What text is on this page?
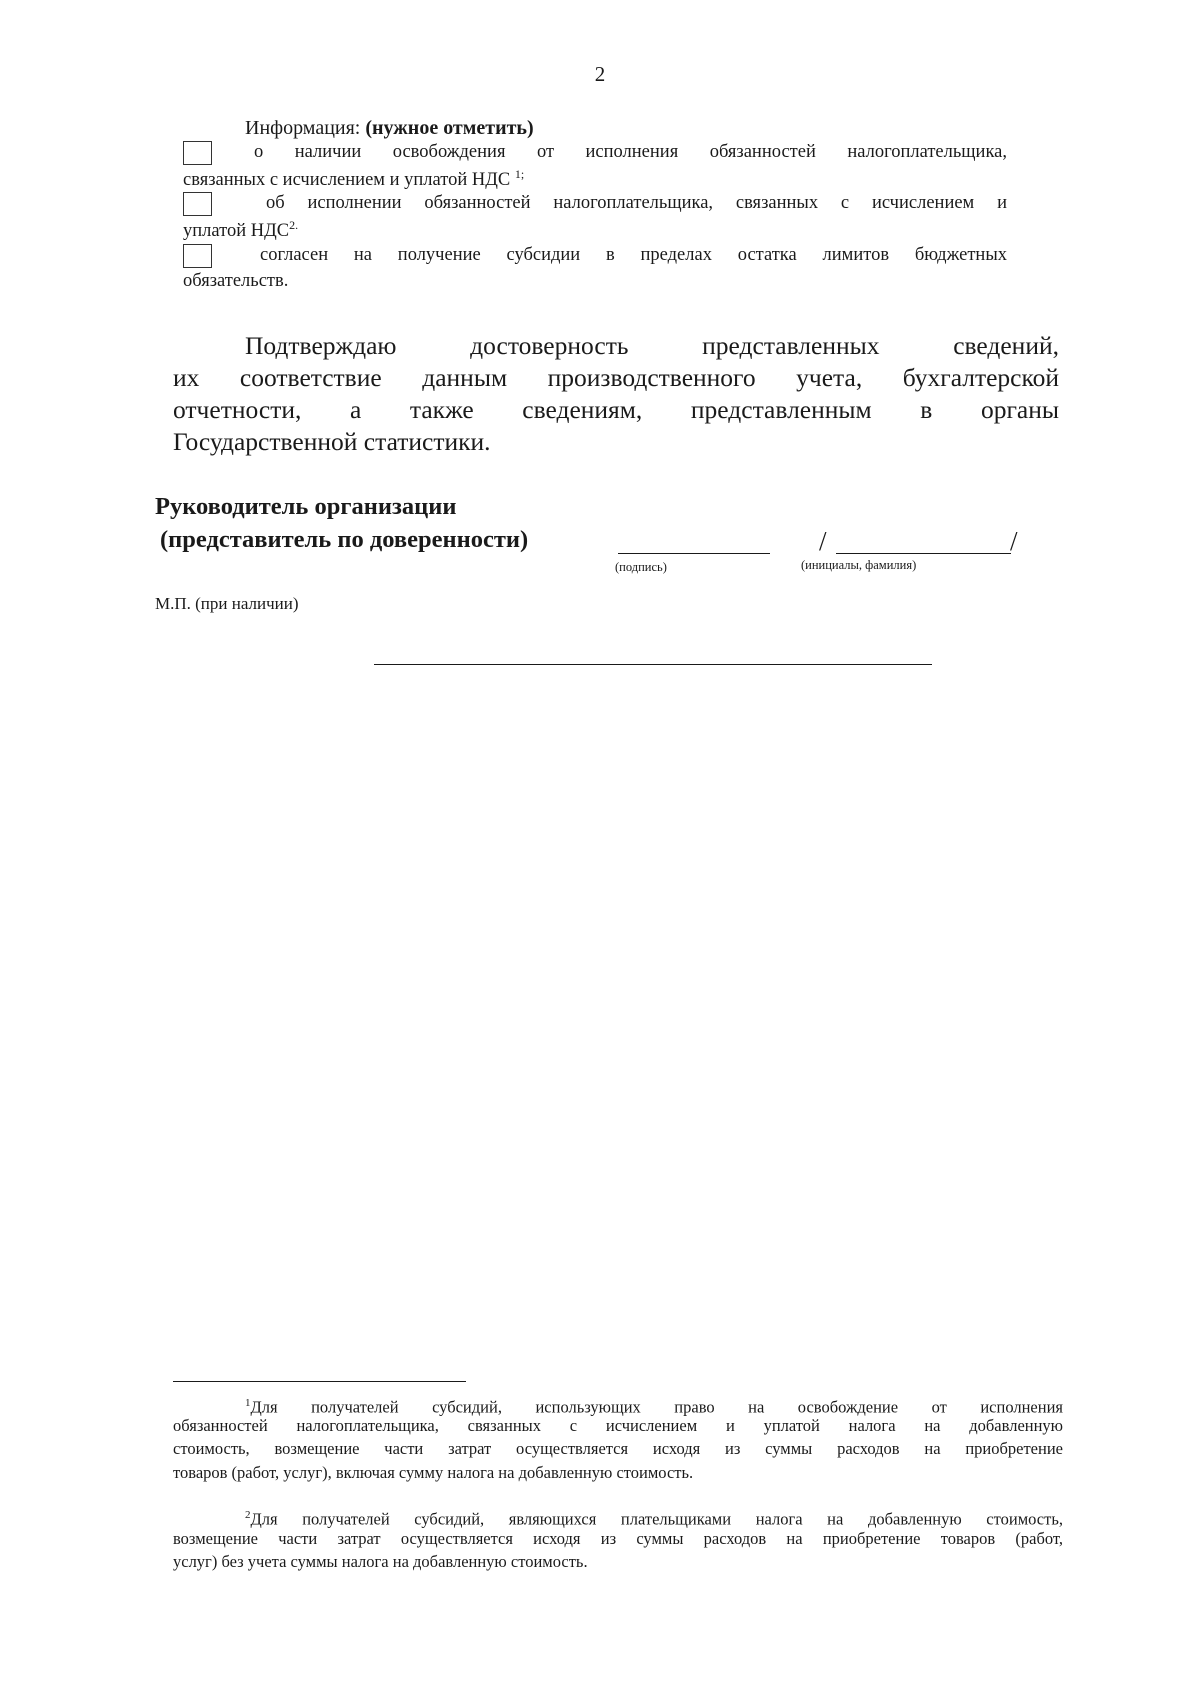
2
Информация: (нужное отметить)
о наличии освобождения от исполнения обязанностей налогоплательщика,
связанных с исчислением и уплатой НДС $^{1;}$
об исполнении обязанностей налогоплательщика, связанных с исчислением и
уплатой $НДС^{2.}$
согласен на получение субсидии в пределах остатка лимитов бюджетных
обязательств.
Подтверждаю достоверность представленных сведений,
их соответствие данным производственного учета, бухгалтерской
отчетности, а также сведениям, представленным в органы
Государственной статистики.
Руководитель организации
(представитель по доверенности)
(подпись)
/	/
(инициалы, фамилия)
М.П. (при наличии)
$^1$Для получателей субсидий, использующих право на освобождение от исполнения
обязанностей налогоплательщика, связанных с исчислением и уплатой налога на добавленную
стоимость, возмещение части затрат осуществляется исходя из суммы расходов на приобретение
товаров (работ, услуг), включая сумму налога на добавленную стоимость.
$^2$Для получателей субсидий, являющихся плательщиками налога на добавленную стоимость,
возмещение части затрат осуществляется исходя из суммы расходов на приобретение товаров (работ,
услуг) без учета суммы налога на добавленную стоимость.
